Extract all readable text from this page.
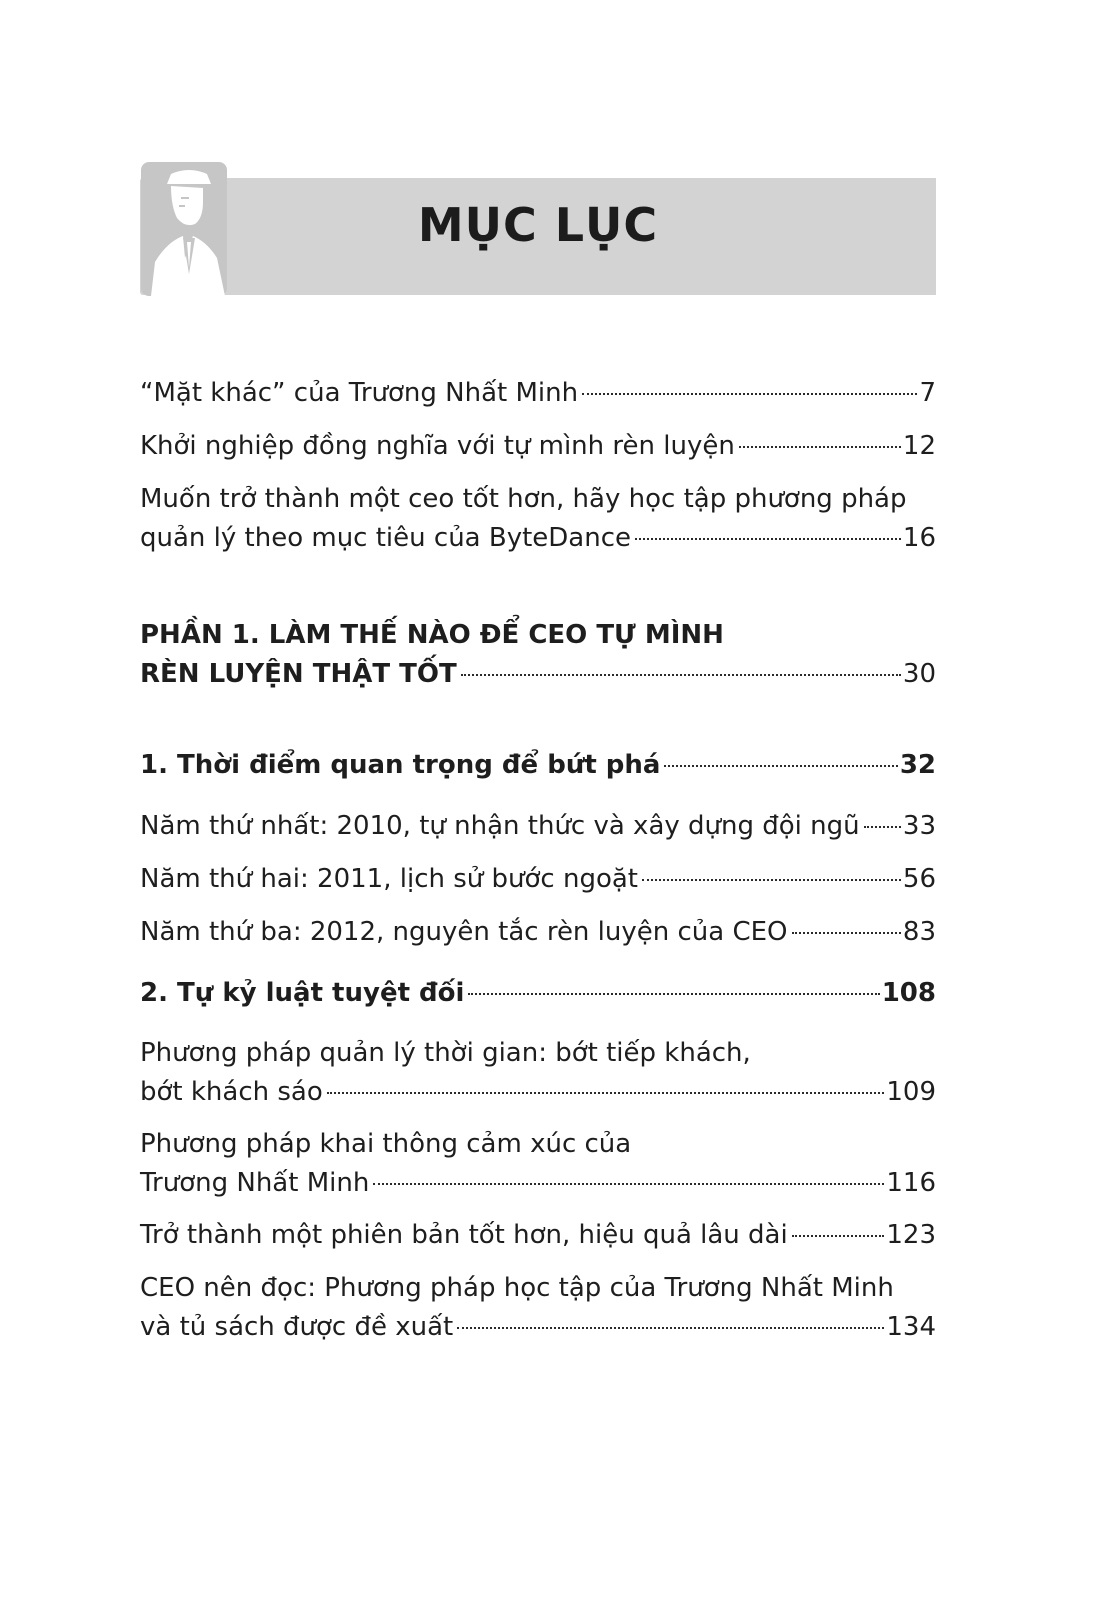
MỤC LỤC
“Mặt khác” của Trương Nhất Minh	7
Khởi nghiệp đồng nghĩa với tự mình rèn luyện	12
Muốn trở thành một ceo tốt hơn, hãy học tập phương pháp
quản lý theo mục tiêu của ByteDance	16
PHẦN 1. LÀM THẾ NÀO ĐỂ CEO TỰ MÌNH
RÈN LUYỆN THẬT TỐT	30
1. Thời điểm quan trọng để bứt phá	32
Năm thứ nhất: 2010, tự nhận thức và xây dựng đội ngũ 33
Năm thứ hai: 2011, lịch sử bước ngoặt	56
Năm thứ ba: 2012, nguyên tắc rèn luyện của CEO	83
2. Tự kỷ luật tuyệt đối	108
Phương pháp quản lý thời gian: bớt tiếp khách,
bớt khách sáo	109
Phương pháp khai thông cảm xúc của
Trương Nhất Minh	116
Trở thành một phiên bản tốt hơn, hiệu quả lâu dài	123
CEO nên đọc: Phương pháp học tập của Trương Nhất Minh
và tủ sách được đề xuất	134
